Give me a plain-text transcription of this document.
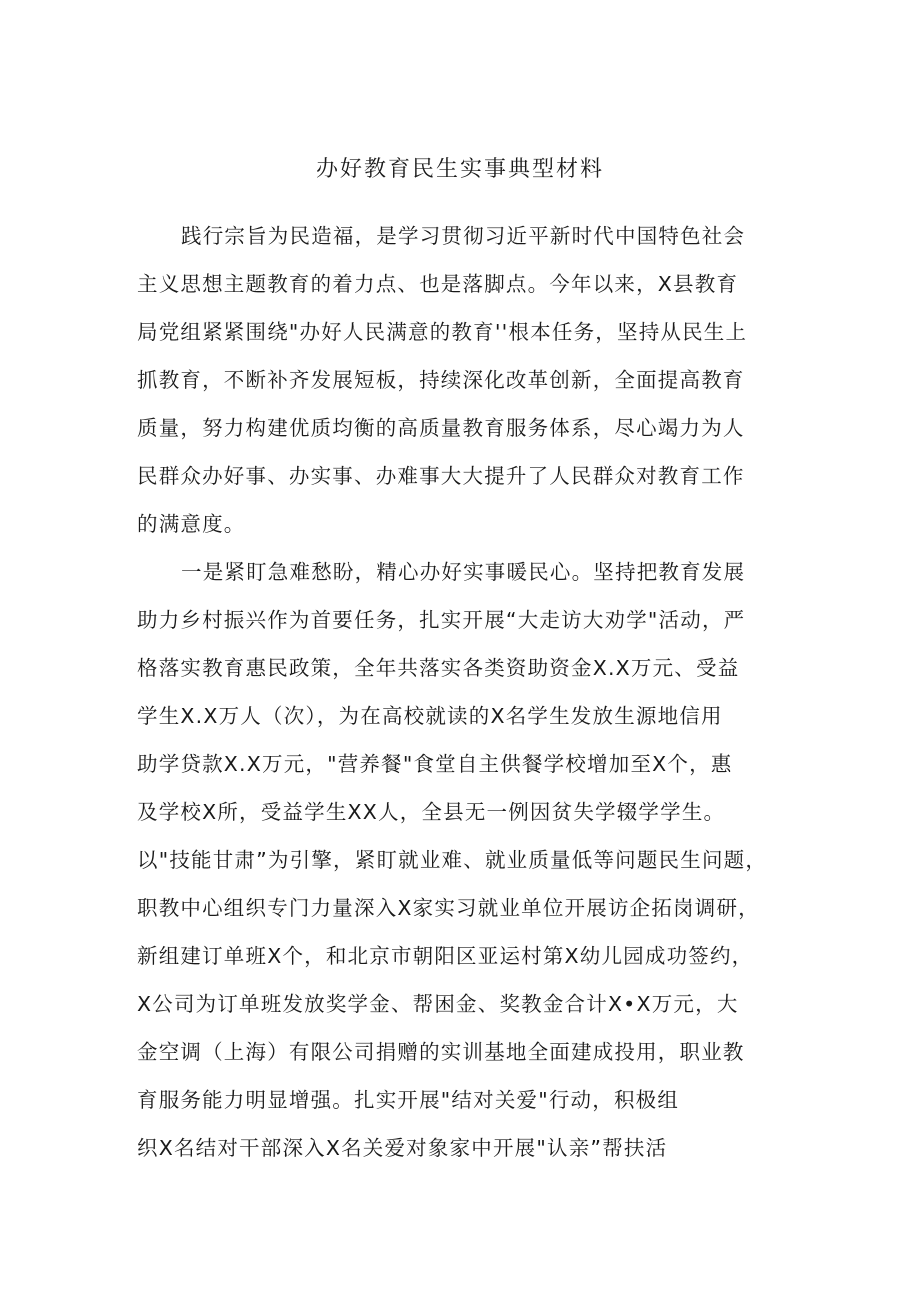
办好教育民生实事典型材料
践行宗旨为民造福，是学习贯彻习近平新时代中国特色社会
主义思想主题教育的着力点、也是落脚点。今年以来，X县教育
局党组紧紧围绕"办好人民满意的教育''根本任务，坚持从民生上
抓教育，不断补齐发展短板，持续深化改革创新，全面提高教育
质量，努力构建优质均衡的高质量教育服务体系，尽心竭力为人
民群众办好事、办实事、办难事大大提升了人民群众对教育工作
的满意度。
一是紧盯急难愁盼，精心办好实事暖民心。坚持把教育发展
助力乡村振兴作为首要任务，扎实开展“大走访大劝学"活动，严
格落实教育惠民政策，全年共落实各类资助资金X.X万元、受益
学生X.X万人（次），为在高校就读的X名学生发放生源地信用
助学贷款X.X万元，"营养餐"食堂自主供餐学校增加至X个，惠
及学校X所，受益学生XX人，全县无一例因贫失学辍学学生。
以"技能甘肃”为引擎，紧盯就业难、就业质量低等问题民生问题，
职教中心组织专门力量深入X家实习就业单位开展访企拓岗调研，
新组建订单班X个，和北京市朝阳区亚运村第X幼儿园成功签约，
X公司为订单班发放奖学金、帮困金、奖教金合计X•X万元，大
金空调（上海）有限公司捐赠的实训基地全面建成投用，职业教
育服务能力明显增强。扎实开展"结对关爱"行动，积极组
织X名结对干部深入X名关爱对象家中开展"认亲”帮扶活
